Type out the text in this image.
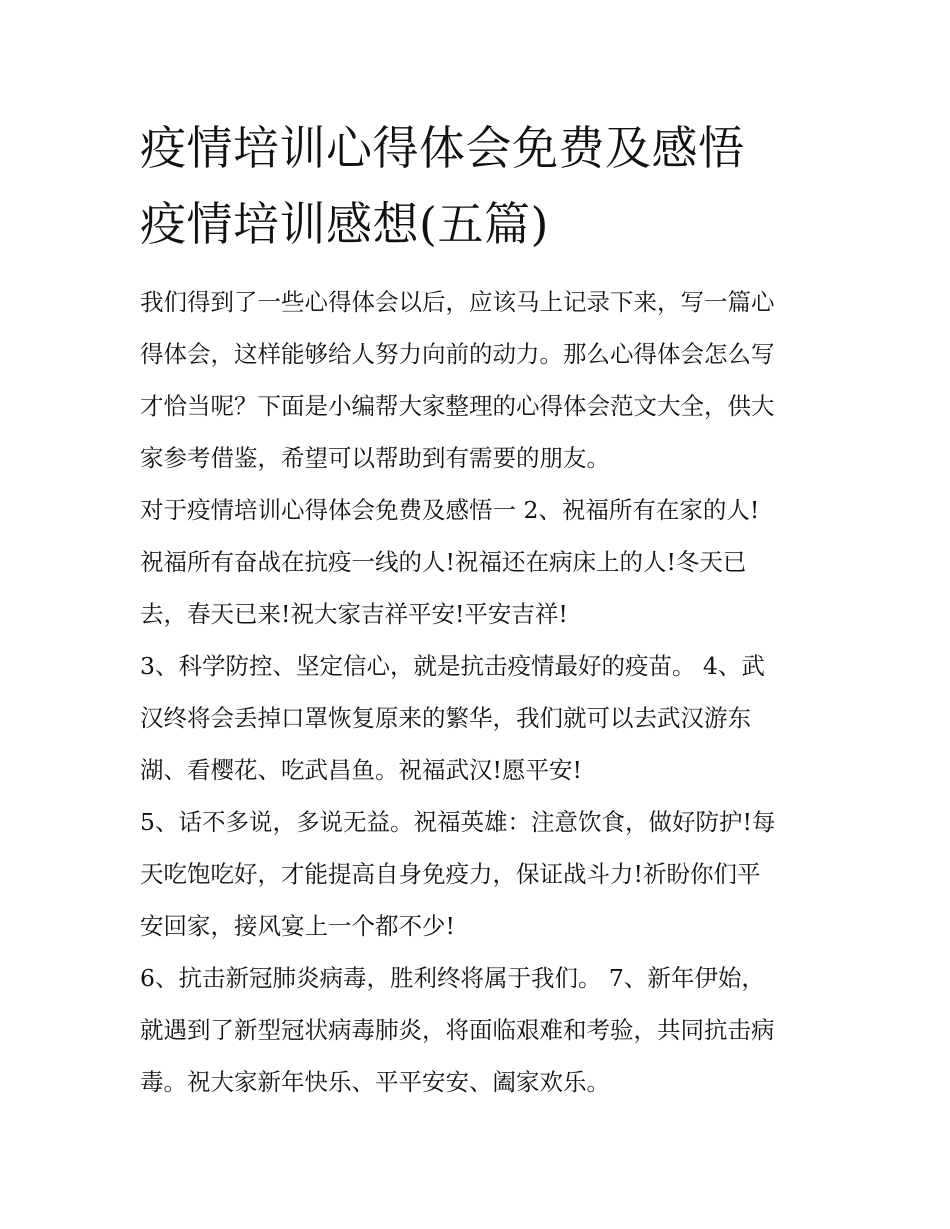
疫情培训心得体会免费及感悟
疫情培训感想(五篇)

我们得到了一些心得体会以后，应该马上记录下来，写一篇心

得体会，这样能够给人努力向前的动力。那么心得体会怎么写

才恰当呢？下面是小编帮大家整理的心得体会范文大全，供大

家参考借鉴，希望可以帮助到有需要的朋友。

对于疫情培训心得体会免费及感悟一 2、祝福所有在家的人!

祝福所有奋战在抗疫一线的人!祝福还在病床上的人!冬天已

去，春天已来!祝大家吉祥平安!平安吉祥!

3、科学防控、坚定信心，就是抗击疫情最好的疫苗。 4、武

汉终将会丢掉口罩恢复原来的繁华，我们就可以去武汉游东

湖、看樱花、吃武昌鱼。祝福武汉!愿平安!

5、话不多说，多说无益。祝福英雄：注意饮食，做好防护!每

天吃饱吃好，才能提高自身免疫力，保证战斗力!祈盼你们平

安回家，接风宴上一个都不少!

6、抗击新冠肺炎病毒，胜利终将属于我们。 7、新年伊始，

就遇到了新型冠状病毒肺炎，将面临艰难和考验，共同抗击病

毒。祝大家新年快乐、平平安安、阖家欢乐。
